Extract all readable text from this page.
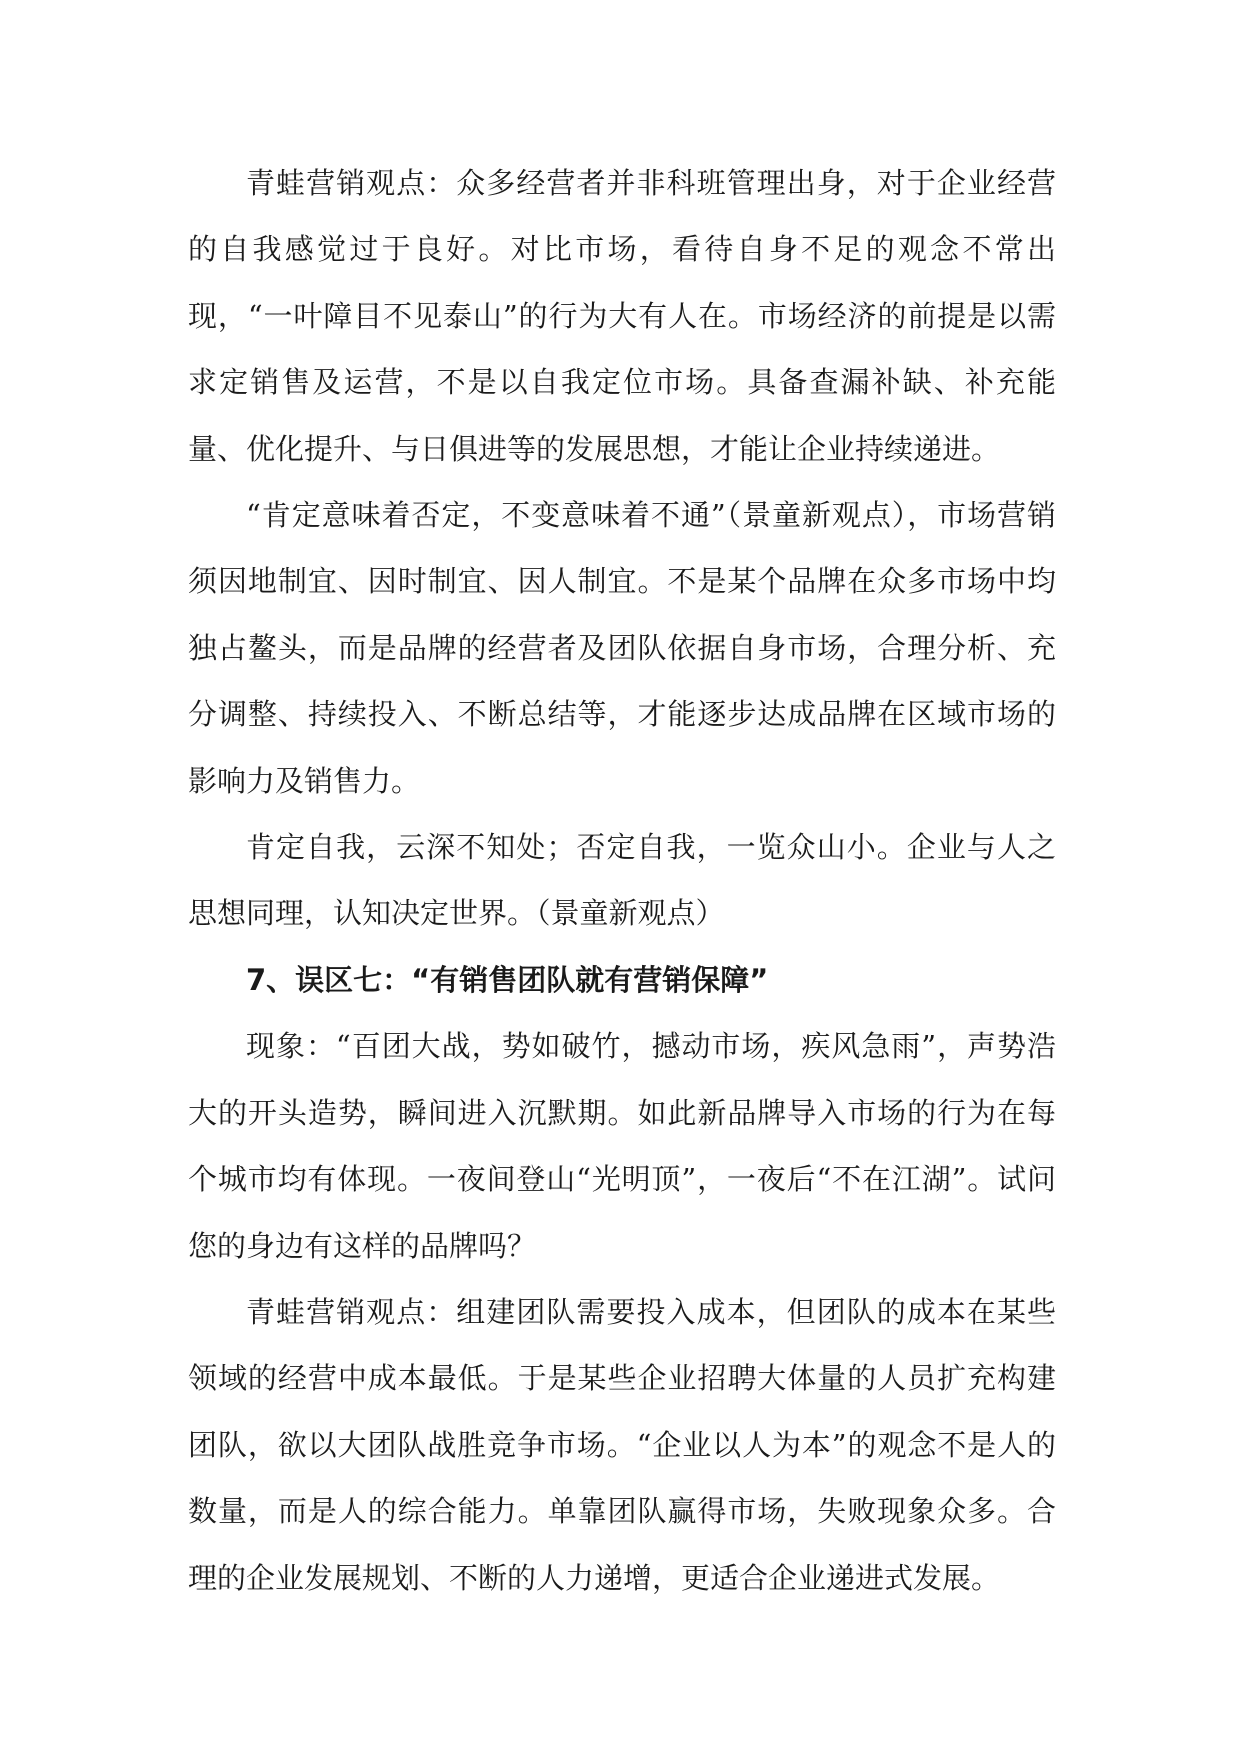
青蛙营销观点：众多经营者并非科班管理出身，对于企业经营的自我感觉过于良好。对比市场，看待自身不足的观念不常出现，“一叶障目不见泰山”的行为大有人在。市场经济的前提是以需求定销售及运营，不是以自我定位市场。具备查漏补缺、补充能量、优化提升、与日俱进等的发展思想，才能让企业持续递进。

“肯定意味着否定，不变意味着不通”（景童新观点），市场营销须因地制宜、因时制宜、因人制宜。不是某个品牌在众多市场中均独占鳌头，而是品牌的经营者及团队依据自身市场，合理分析、充分调整、持续投入、不断总结等，才能逐步达成品牌在区域市场的影响力及销售力。

肯定自我，云深不知处；否定自我，一览众山小。企业与人之思想同理，认知决定世界。（景童新观点）

7、误区七：“有销售团队就有营销保障”

现象：“百团大战，势如破竹，撼动市场，疾风急雨”，声势浩大的开头造势，瞬间进入沉默期。如此新品牌导入市场的行为在每个城市均有体现。一夜间登山“光明顶”，一夜后“不在江湖”。试问您的身边有这样的品牌吗？

青蛙营销观点：组建团队需要投入成本，但团队的成本在某些领域的经营中成本最低。于是某些企业招聘大体量的人员扩充构建团队，欲以大团队战胜竞争市场。“企业以人为本”的观念不是人的数量，而是人的综合能力。单靠团队赢得市场，失败现象众多。合理的企业发展规划、不断的人力递增，更适合企业递进式发展。
